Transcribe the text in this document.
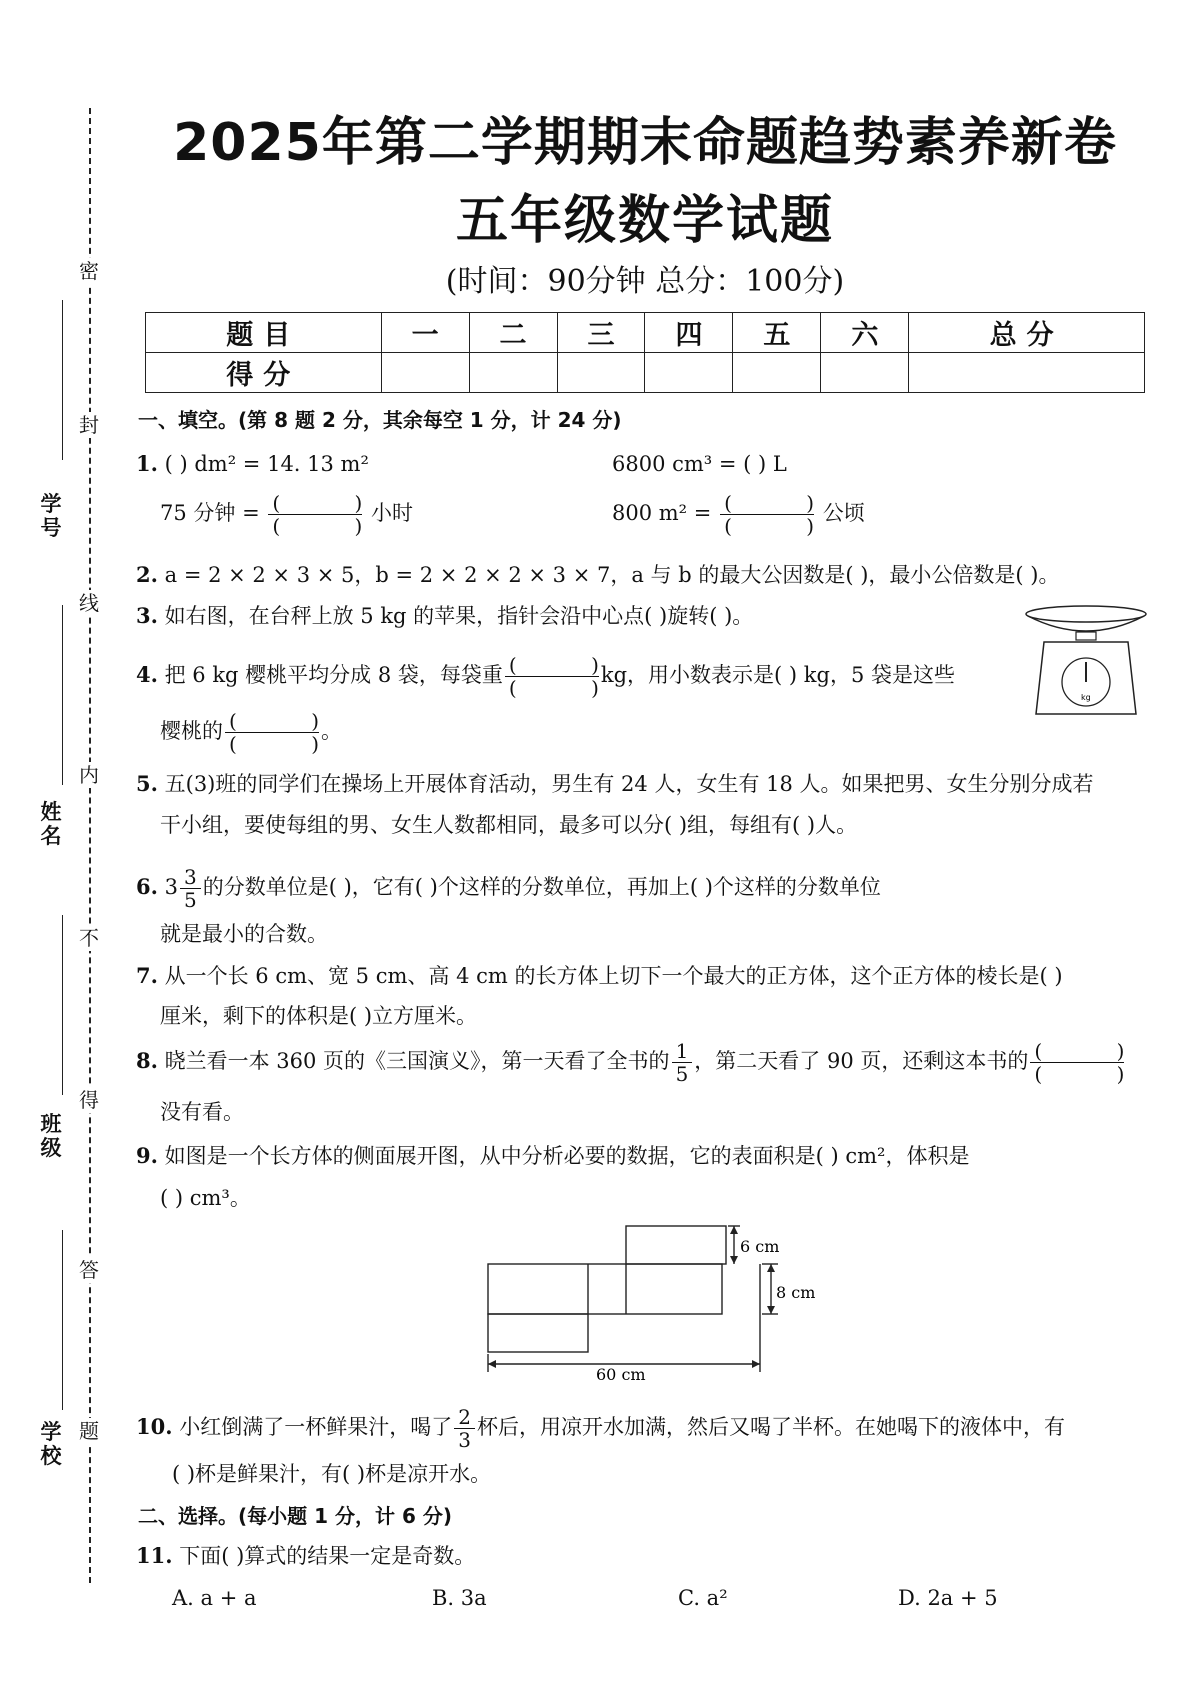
密
封
线
内
不
得
答
题
学号
姓名
班级
学校
2025年第二学期期末命题趋势素养新卷
五年级数学试题
(时间：90分钟 总分：100分)
题目	一	二	三	四	五	六	总分
得分							
一、填空。(第 8 题 2 分，其余每空 1 分，计 24 分)
1. ( ) dm² = 14. 13 m²	6800 cm³ = ( ) L
75 分钟 = $\frac{( )}{(}$ ) 小时	800 $m^2 = \frac{( )}{(}$ ) 公顷
2. a = 2 × 2 × 3 × 5，b = 2 × 2 × 2 × 3 × 7，a 与 b 的最大公因数是( )，最小公倍数是( )。
3. 如右图，在台秤上放 5 kg 的苹果，指针会沿中心点( )旋转( )。
kg
4. 把 6 kg 樱桃平均分成 8 袋，每袋重 $\frac{( )}{(}$ ) kg，用小数表示是( ) kg，5 袋是这些
樱桃的 $\frac{( )}{(}$ ) 。
5. 五(3)班的同学们在操场上开展体育活动，男生有 24 人，女生有 18 人。如果把男、女生分别分成若
干小组，要使每组的男、女生人数都相同，最多可以分( )组，每组有( )人。
6. $3 \frac{3}{5}$ 的分数单位是( )，它有( )个这样的分数单位，再加上( )个这样的分数单位
就是最小的合数。
7. 从一个长 6 cm、宽 5 cm、高 4 cm 的长方体上切下一个最大的正方体，这个正方体的棱长是( )
厘米，剩下的体积是( )立方厘米。
8. 晓兰看一本 360 页的《三国演义》，第一天看了全书的 $\frac{1}{5}$ ，第二天看了 90 页，还剩这本书的 $\frac{( )}{(}$ )
没有看。
9. 如图是一个长方体的侧面展开图，从中分析必要的数据，它的表面积是( ) cm²，体积是
( ) cm³。
6 cm
8 cm
60 cm
10. 小红倒满了一杯鲜果汁，喝了 $\frac{2}{3}$ 杯后，用凉开水加满，然后又喝了半杯。在她喝下的液体中，有
( )杯是鲜果汁，有( )杯是凉开水。
二、选择。(每小题 1 分，计 6 分)
11. 下面( )算式的结果一定是奇数。
A. a + a	B. 3a	C. a²	D. 2a + 5
